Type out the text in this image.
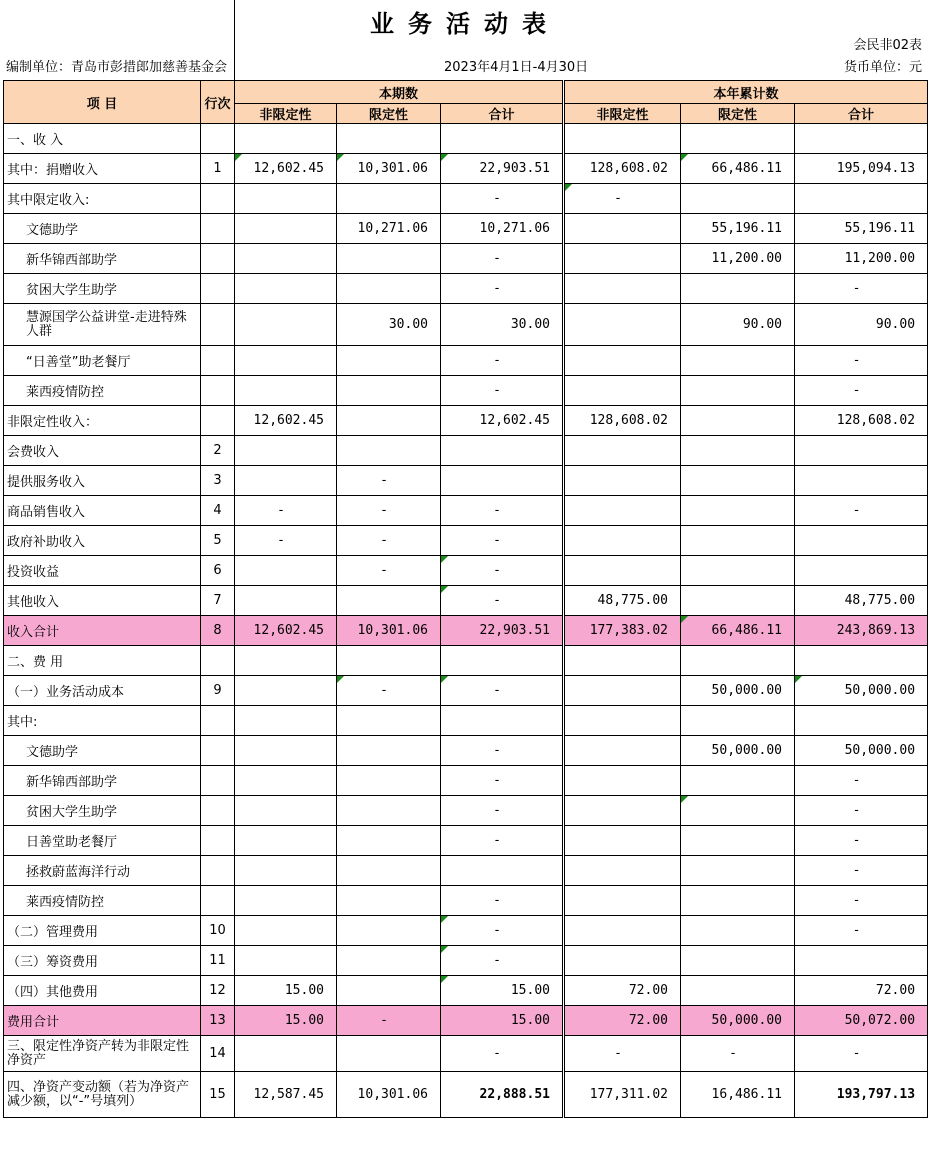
业务活动表
会民非02表
编制单位：青岛市彭措郎加慈善基金会	2023年4月1日-4月30日	货币单位：元
项 目	行次	本期数			本年累计数		
		非限定性	限定性	合计	非限定性	限定性	合计
一、收 入							
其中：捐赠收入	1	12,602.45	10,301.06	22,903.51	128,608.02	66,486.11	195,094.13
其中限定收入:				-	-		
文德助学			10,271.06	10,271.06		55,196.11	55,196.11
新华锦西部助学				-		11,200.00	11,200.00
贫困大学生助学				-			-
慧源国学公益讲堂-走进特殊人群			30.00	30.00		90.00	90.00
“日善堂”助老餐厅				-			-
莱西疫情防控				-			-
非限定性收入：		12,602.45		12,602.45	128,608.02		128,608.02
会费收入	2						
提供服务收入	3		-				
商品销售收入	4	-	-	-			-
政府补助收入	5	-	-	-			
投资收益	6		-	-			
其他收入	7			-	48,775.00		48,775.00
收入合计	8	12,602.45	10,301.06	22,903.51	177,383.02	66,486.11	243,869.13
二、费 用							
（一）业务活动成本	9		-	-		50,000.00	50,000.00
其中:							
文德助学				-		50,000.00	50,000.00
新华锦西部助学				-			-
贫困大学生助学				-			-
日善堂助老餐厅				-			-
拯救蔚蓝海洋行动							-
莱西疫情防控				-			-
（二）管理费用	10			-			-
（三）筹资费用	11			-			
（四）其他费用	12	15.00		15.00	72.00		72.00
费用合计	13	15.00	-	15.00	72.00	50,000.00	50,072.00
三、限定性净资产转为非限定性净资产	14			-	-	-	-
四、净资产变动额（若为净资产减少额，以“-”号填列）	15	12,587.45	10,301.06	22,888.51	177,311.02	16,486.11	193,797.13
